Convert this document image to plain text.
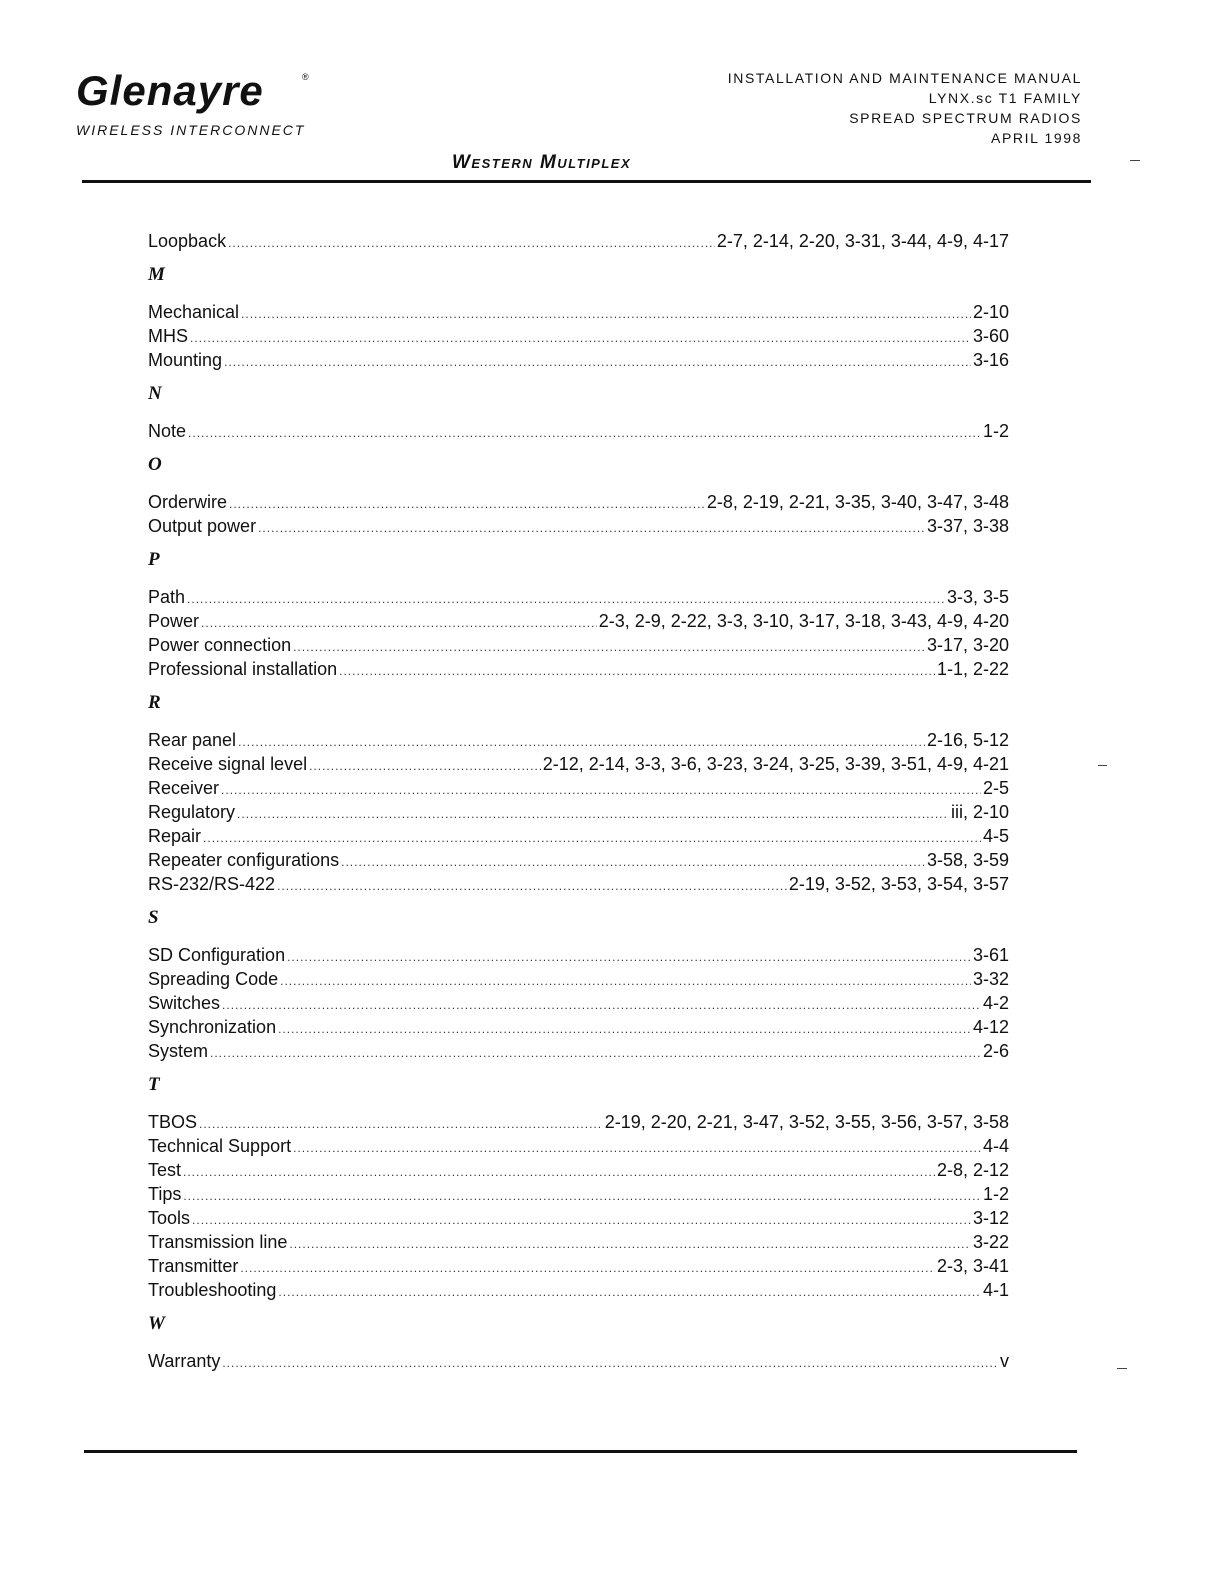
Glenayre	®
WIRELESS INTERCONNECT
INSTALLATION AND MAINTENANCE MANUAL
LYNX.sc T1 FAMILY
SPREAD SPECTRUM RADIOS
APRIL 1998
Western Multiplex
Loopback .....	2-7, 2-14, 2-20, 3-31, 3-44, 4-9, 4-17
M
Mechanical .....	2-10
MHS .....	3-60
Mounting .....	3-16
N
Note .....	1-2
O
Orderwire .....	2-8, 2-19, 2-21, 3-35, 3-40, 3-47, 3-48
Output power .....	3-37, 3-38
P
Path .....	3-3, 3-5
Power .....	2-3, 2-9, 2-22, 3-3, 3-10, 3-17, 3-18, 3-43, 4-9, 4-20
Power connection .....	3-17, 3-20
Professional installation .....	1-1, 2-22
R
Rear panel .....	2-16, 5-12
Receive signal level .....	2-12, 2-14, 3-3, 3-6, 3-23, 3-24, 3-25, 3-39, 3-51, 4-9, 4-21
Receiver .....	2-5
Regulatory .....	iii, 2-10
Repair .....	4-5
Repeater configurations .....	3-58, 3-59
RS-232/RS-422 .....	2-19, 3-52, 3-53, 3-54, 3-57
S
SD Configuration .....	3-61
Spreading Code .....	3-32
Switches .....	4-2
Synchronization .....	4-12
System .....	2-6
T
TBOS .....	2-19, 2-20, 2-21, 3-47, 3-52, 3-55, 3-56, 3-57, 3-58
Technical Support .....	4-4
Test .....	2-8, 2-12
Tips .....	1-2
Tools .....	3-12
Transmission line .....	3-22
Transmitter .....	2-3, 3-41
Troubleshooting .....	4-1
W
Warranty .....	v
